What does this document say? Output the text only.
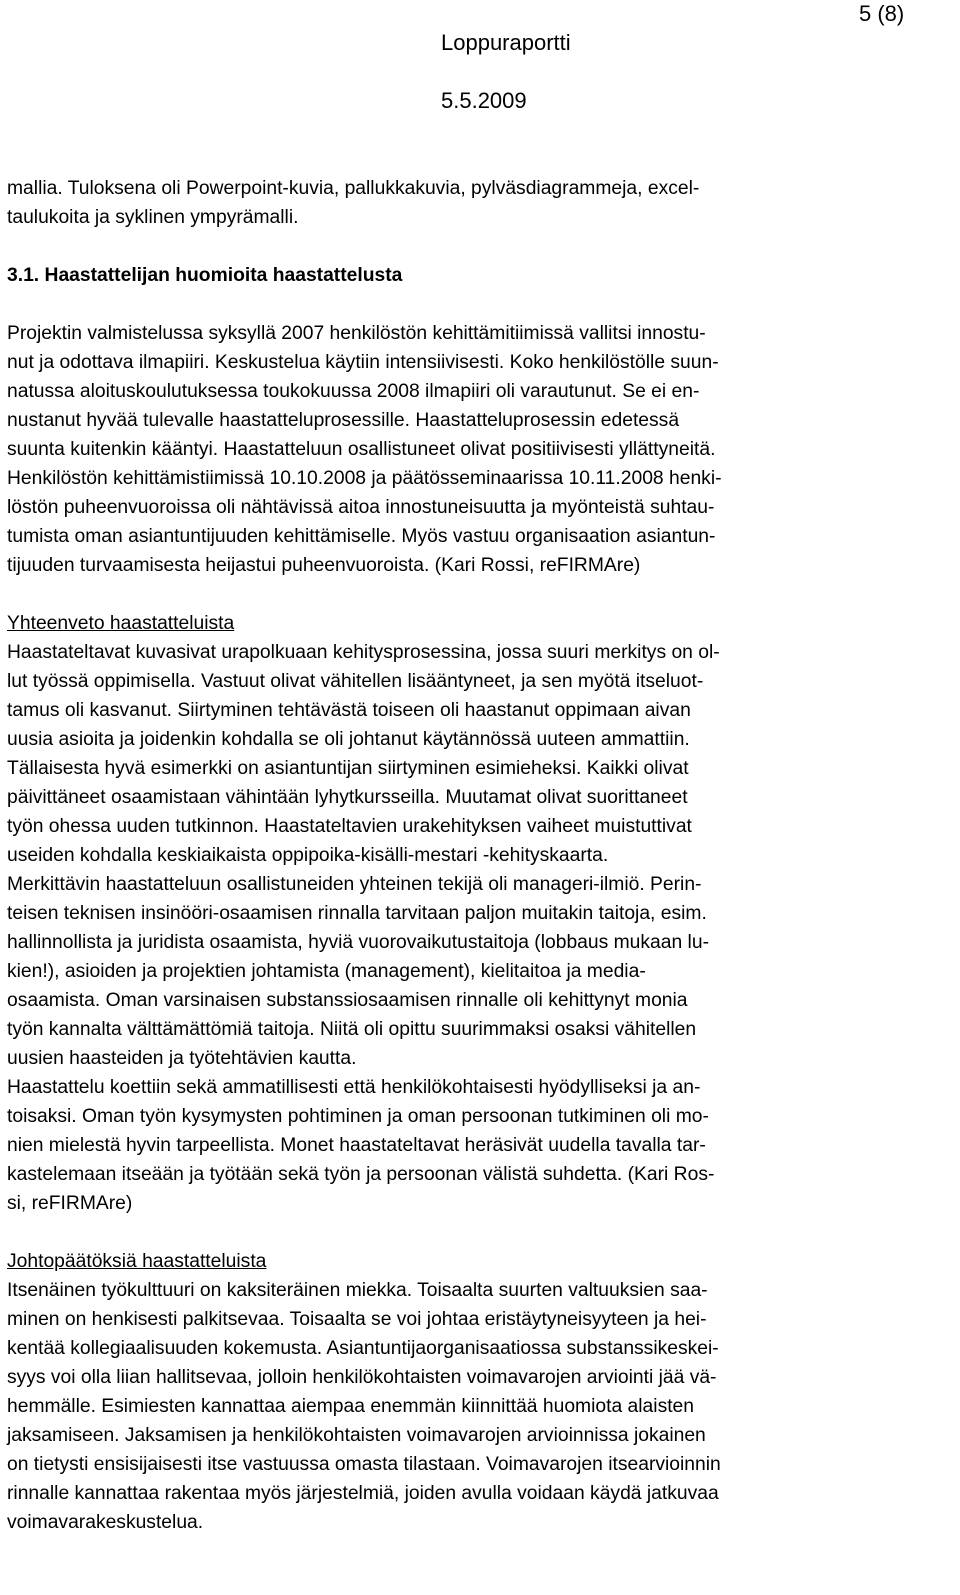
5 (8)
Loppuraportti
5.5.2009
mallia. Tuloksena oli Powerpoint-kuvia, pallukkakuvia, pylväsdiagrammeja, excel-
taulukoita ja syklinen ympyrämalli.
3.1. Haastattelijan huomioita haastattelusta
Projektin valmistelussa syksyllä 2007 henkilöstön kehittämitiimissä vallitsi innostu-
nut ja odottava ilmapiiri. Keskustelua käytiin intensiivisesti. Koko henkilöstölle suun-
natussa aloituskoulutuksessa toukokuussa 2008 ilmapiiri oli varautunut. Se ei en-
nustanut hyvää tulevalle haastatteluprosessille. Haastatteluprosessin edetessä
suunta kuitenkin kääntyi. Haastatteluun osallistuneet olivat positiivisesti yllättyneitä.
Henkilöstön kehittämistiimissä 10.10.2008 ja päätösseminaarissa 10.11.2008 henki-
löstön puheenvuoroissa oli nähtävissä aitoa innostuneisuutta ja myönteistä suhtau-
tumista oman asiantuntijuuden kehittämiselle. Myös vastuu organisaation asiantun-
tijuuden turvaamisesta heijastui puheenvuoroista. (Kari Rossi, reFIRMAre)
Yhteenveto haastatteluista
Haastateltavat kuvasivat urapolkuaan kehitysprosessina, jossa suuri merkitys on ol-
lut työssä oppimisella. Vastuut olivat vähitellen lisääntyneet, ja sen myötä itseluot-
tamus oli kasvanut. Siirtyminen tehtävästä toiseen oli haastanut oppimaan aivan
uusia asioita ja joidenkin kohdalla se oli johtanut käytännössä uuteen ammattiin.
Tällaisesta hyvä esimerkki on asiantuntijan siirtyminen esimieheksi. Kaikki olivat
päivittäneet osaamistaan vähintään lyhytkursseilla. Muutamat olivat suorittaneet
työn ohessa uuden tutkinnon. Haastateltavien urakehityksen vaiheet muistuttivat
useiden kohdalla keskiaikaista oppipoika-kisälli-mestari -kehityskaarta.
Merkittävin haastatteluun osallistuneiden yhteinen tekijä oli manageri-ilmiö. Perin-
teisen teknisen insinööri-osaamisen rinnalla tarvitaan paljon muitakin taitoja, esim.
hallinnollista ja juridista osaamista, hyviä vuorovaikutustaitoja (lobbaus mukaan lu-
kien!), asioiden ja projektien johtamista (management), kielitaitoa ja media-
osaamista. Oman varsinaisen substanssiosaamisen rinnalle oli kehittynyt monia
työn kannalta välttämättömiä taitoja. Niitä oli opittu suurimmaksi osaksi vähitellen
uusien haasteiden ja työtehtävien kautta.
Haastattelu koettiin sekä ammatillisesti että henkilökohtaisesti hyödylliseksi ja an-
toisaksi. Oman työn kysymysten pohtiminen ja oman persoonan tutkiminen oli mo-
nien mielestä hyvin tarpeellista. Monet haastateltavat heräsivät uudella tavalla tar-
kastelemaan itseään ja työtään sekä työn ja persoonan välistä suhdetta. (Kari Ros-
si, reFIRMAre)
Johtopäätöksiä haastatteluista
Itsenäinen työkulttuuri on kaksiteräinen miekka. Toisaalta suurten valtuuksien saa-
minen on henkisesti palkitsevaa. Toisaalta se voi johtaa eristäytyneisyyteen ja hei-
kentää kollegiaalisuuden kokemusta. Asiantuntijaorganisaatiossa substanssikeskei-
syys voi olla liian hallitsevaa, jolloin henkilökohtaisten voimavarojen arviointi jää vä-
hemmälle. Esimiesten kannattaa aiempaa enemmän kiinnittää huomiota alaisten
jaksamiseen. Jaksamisen ja henkilökohtaisten voimavarojen arvioinnissa jokainen
on tietysti ensisijaisesti itse vastuussa omasta tilastaan. Voimavarojen itsearvioinnin
rinnalle kannattaa rakentaa myös järjestelmiä, joiden avulla voidaan käydä jatkuvaa
voimavarakeskustelua.
